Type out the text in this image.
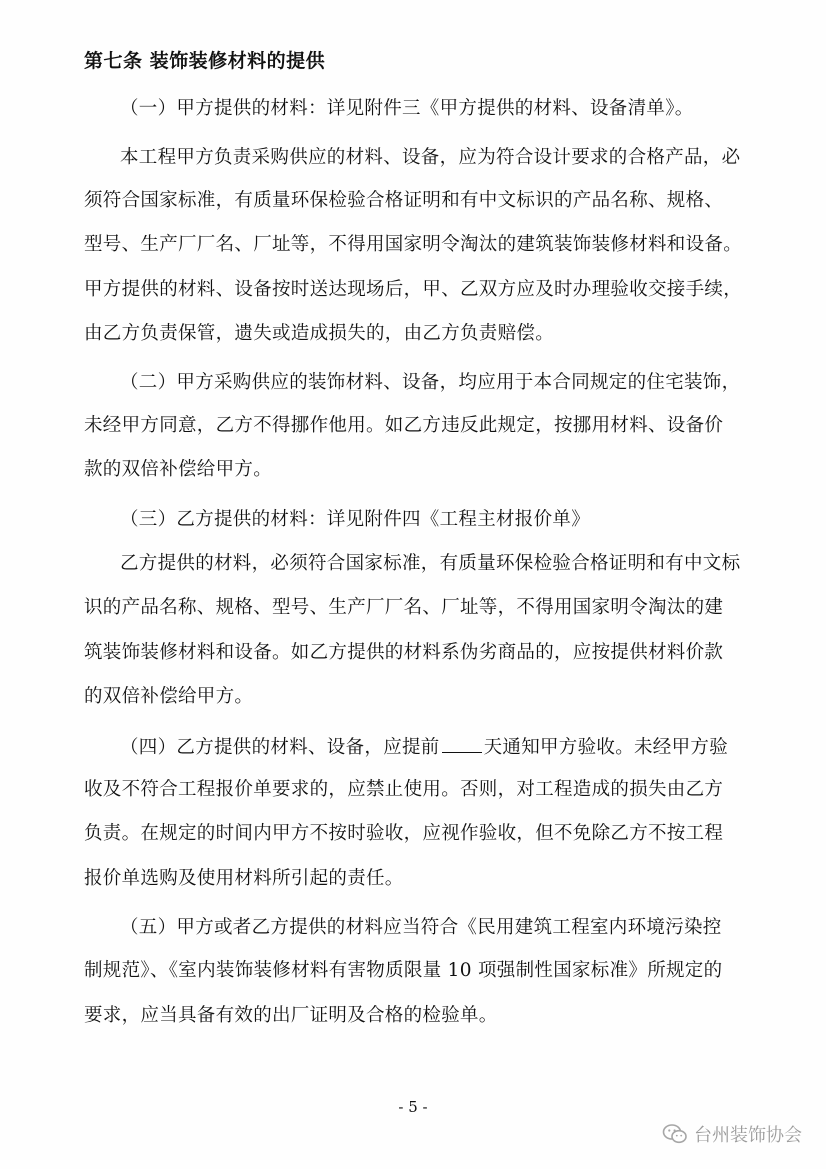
第七条 装饰装修材料的提供
（一）甲方提供的材料：详见附件三《甲方提供的材料、设备清单》。
本工程甲方负责采购供应的材料、设备，应为符合设计要求的合格产品，必
须符合国家标准，有质量环保检验合格证明和有中文标识的产品名称、规格、
型号、生产厂厂名、厂址等，不得用国家明令淘汰的建筑装饰装修材料和设备。
甲方提供的材料、设备按时送达现场后，甲、乙双方应及时办理验收交接手续，
由乙方负责保管，遗失或造成损失的，由乙方负责赔偿。
（二）甲方采购供应的装饰材料、设备，均应用于本合同规定的住宅装饰，
未经甲方同意，乙方不得挪作他用。如乙方违反此规定，按挪用材料、设备价
款的双倍补偿给甲方。
（三）乙方提供的材料：详见附件四《工程主材报价单》
乙方提供的材料，必须符合国家标准，有质量环保检验合格证明和有中文标
识的产品名称、规格、型号、生产厂厂名、厂址等，不得用国家明令淘汰的建
筑装饰装修材料和设备。如乙方提供的材料系伪劣商品的，应按提供材料价款
的双倍补偿给甲方。
（四）乙方提供的材料、设备，应提前 天通知甲方验收。未经甲方验
收及不符合工程报价单要求的，应禁止使用。否则，对工程造成的损失由乙方
负责。在规定的时间内甲方不按时验收，应视作验收，但不免除乙方不按工程
报价单选购及使用材料所引起的责任。
（五）甲方或者乙方提供的材料应当符合《民用建筑工程室内环境污染控
制规范》、《室内装饰装修材料有害物质限量 10 项强制性国家标准》所规定的
要求，应当具备有效的出厂证明及合格的检验单。
- 5 -
台州装饰协会
